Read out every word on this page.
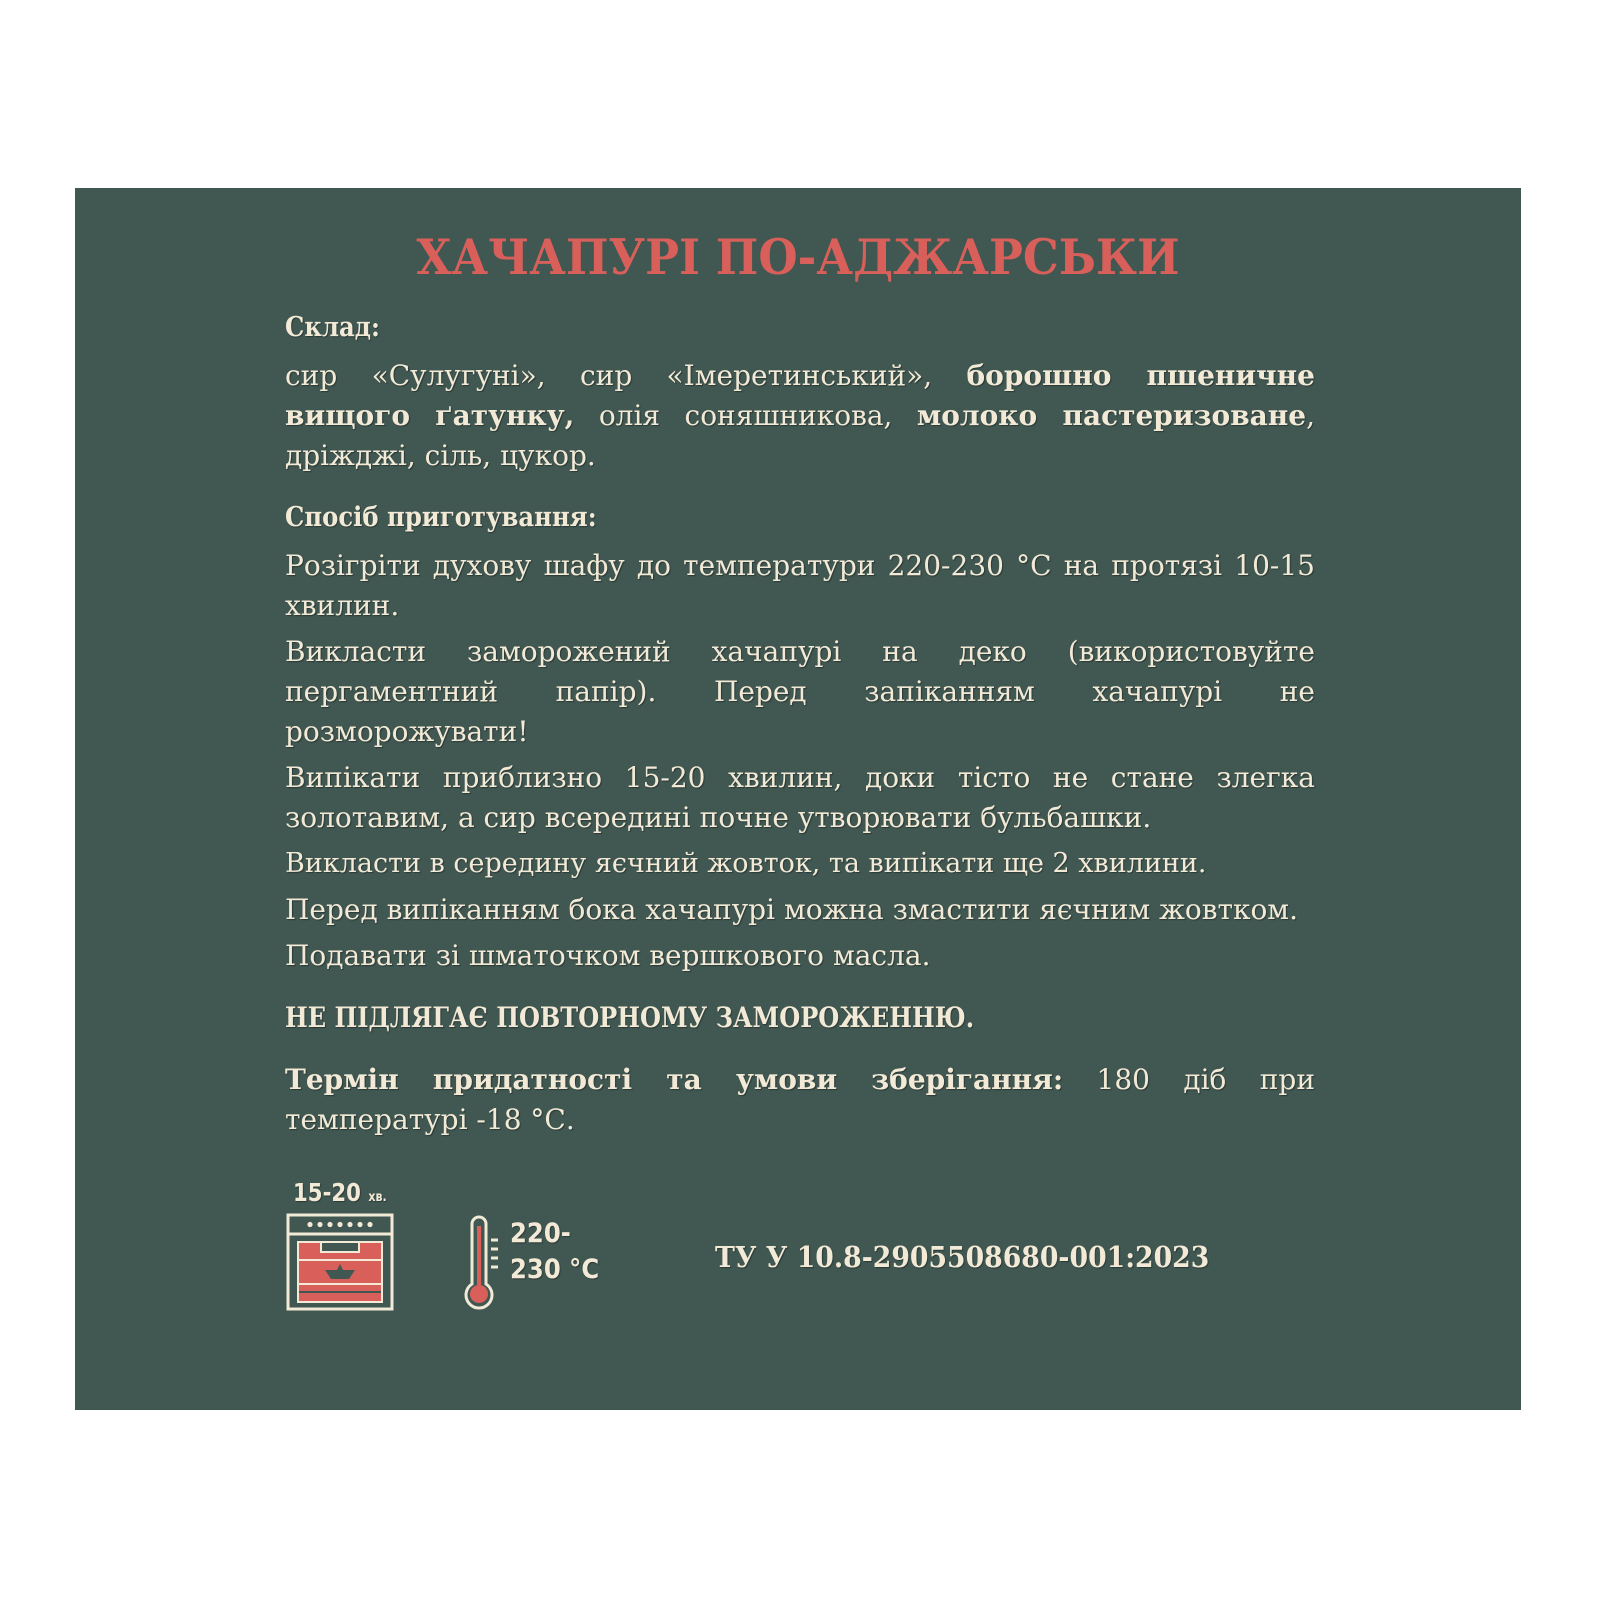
ХАЧАПУРІ ПО-АДЖАРСЬКИ

Склад:

сир «Сулугуні», сир «Імеретинський», борошно пшеничне вищого ґатунку, олія соняшникова, молоко пастеризоване, дріжджі, сіль, цукор.

Спосіб приготування:

Розігріти духову шафу до температури 220-230 °С на протязі 10-15 хвилин.

Викласти заморожений хачапурі на деко (використовуйте пергаментний папір). Перед запіканням хачапурі не розморожувати!

Випікати приблизно 15-20 хвилин, доки тісто не стане злегка золотавим, а сир всередині почне утворювати бульбашки.

Викласти в середину яєчний жовток, та випікати ще 2 хвилини.

Перед випіканням бока хачапурі можна змастити яєчним жовтком.

Подавати зі шматочком вершкового масла.

НЕ ПІДЛЯГАЄ ПОВТОРНОМУ ЗАМОРОЖЕННЮ.

Термін придатності та умови зберігання: 180 діб при температурі -18 °С.

15-20 хв.
220-
230 °C	ТУ У 10.8-2905508680-001:2023
